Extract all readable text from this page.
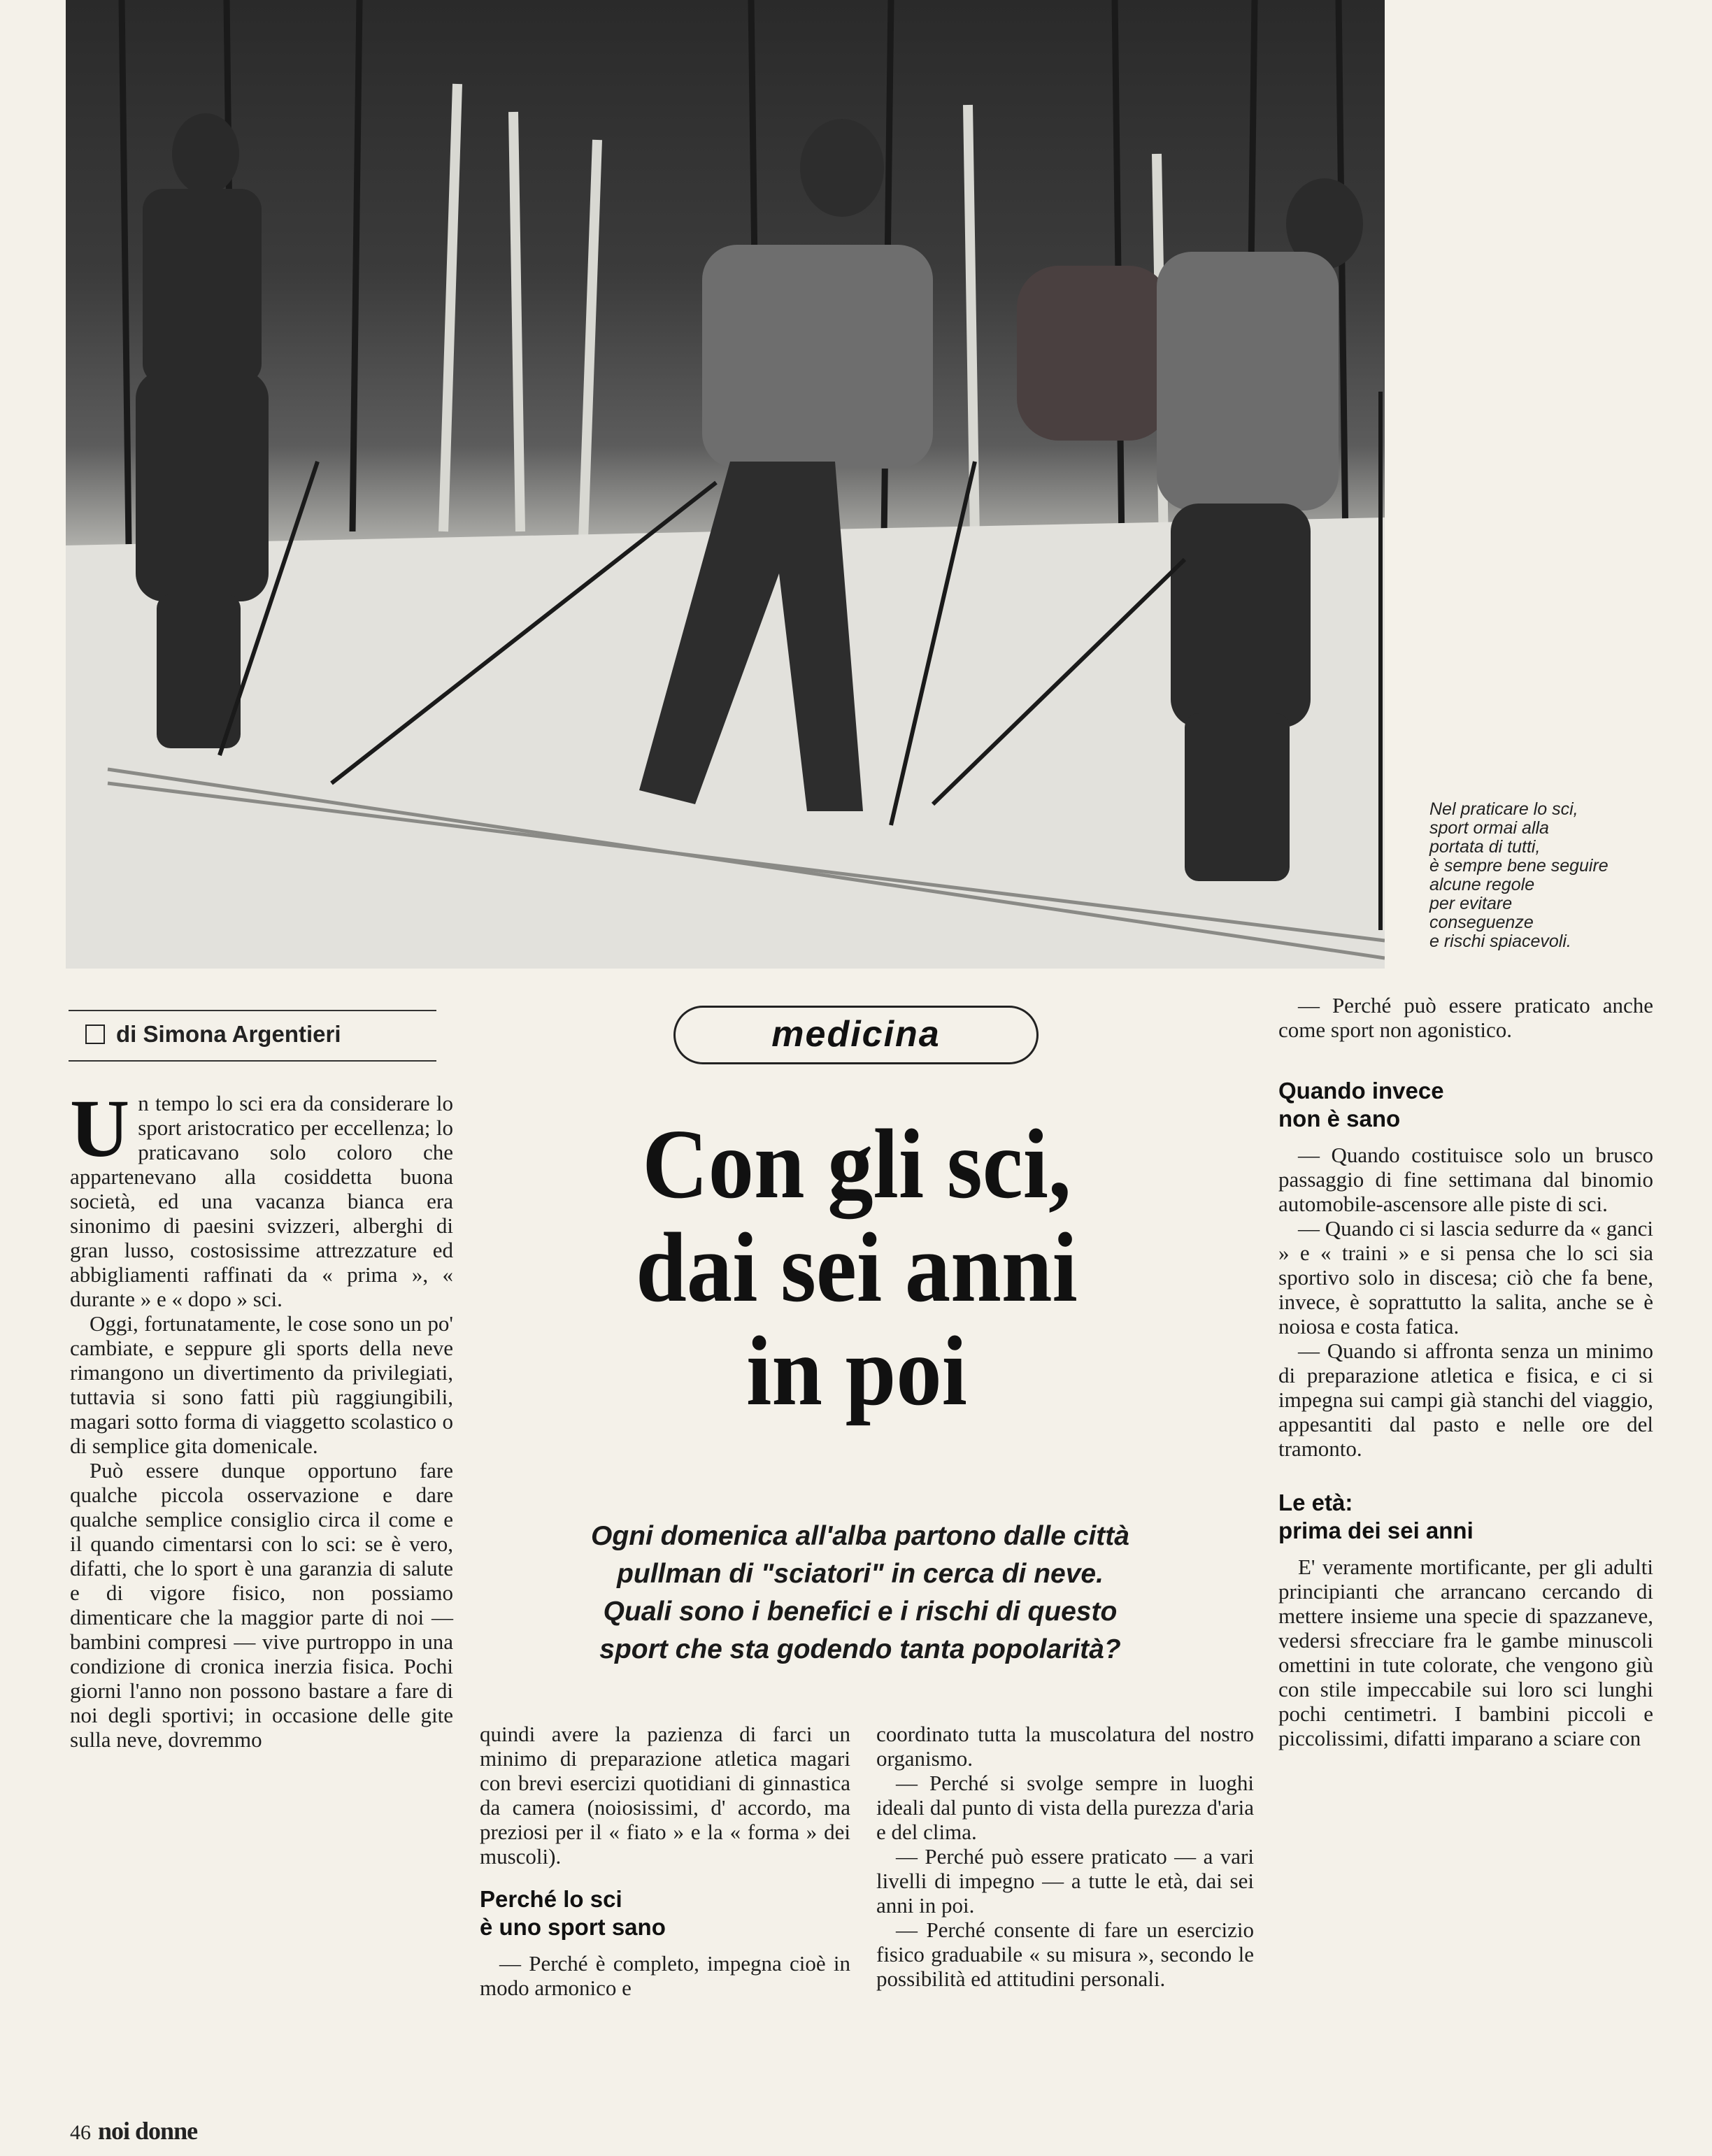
Nel praticare lo sci,
sport ormai alla
portata di tutti,
è sempre bene seguire
alcune regole
per evitare
conseguenze
e rischi spiacevoli.
di Simona Argentieri	medicina
Con gli sci,
dai sei anni
in poi
Ogni domenica all'alba partono dalle città
pullman di "sciatori" in cerca di neve.
Quali sono i benefici e i rischi di questo
sport che sta godendo tanta popolarità?

Un tempo lo sci era da considerare lo sport aristocratico per eccellenza; lo praticavano solo coloro che appartenevano alla cosiddetta buona società, ed una vacanza bianca era sinonimo di paesini svizzeri, alberghi di gran lusso, costosissime attrezzature ed abbigliamenti raffinati da « prima », « durante » e « dopo » sci.

Oggi, fortunatamente, le cose sono un po' cambiate, e seppure gli sports della neve rimangono un divertimento da privilegiati, tuttavia si sono fatti più raggiungibili, magari sotto forma di viaggetto scolastico o di semplice gita domenicale.

Può essere dunque opportuno fare qualche piccola osservazione e dare qualche semplice consiglio circa il come e il quando cimentarsi con lo sci: se è vero, difatti, che lo sport è una garanzia di salute e di vigore fisico, non possiamo dimenticare che la maggior parte di noi — bambini compresi — vive purtroppo in una condizione di cronica inerzia fisica. Pochi giorni l'anno non possono bastare a fare di noi degli sportivi; in occasione delle gite sulla neve, dovremmo	quindi avere la pazienza di farci un minimo di preparazione atletica magari con brevi esercizi quotidiani di ginnastica da camera (noiosissimi, d' accordo, ma preziosi per il « fiato » e la « forma » dei muscoli).

Perché lo sci
è uno sport sano

— Perché è completo, impegna cioè in modo armonico e

coordinato tutta la muscolatura del nostro organismo.

— Perché si svolge sempre in luoghi ideali dal punto di vista della purezza d'aria e del clima.

— Perché può essere praticato — a vari livelli di impegno — a tutte le età, dai sei anni in poi.

— Perché consente di fare un esercizio fisico graduabile « su misura », secondo le possibilità ed attitudini personali.

— Perché può essere praticato anche come sport non agonistico.

Quando invece
non è sano

— Quando costituisce solo un brusco passaggio di fine settimana dal binomio automobile-ascensore alle piste di sci.

— Quando ci si lascia sedurre da « ganci » e « traini » e si pensa che lo sci sia sportivo solo in discesa; ciò che fa bene, invece, è soprattutto la salita, anche se è noiosa e costa fatica.

— Quando si affronta senza un minimo di preparazione atletica e fisica, e ci si impegna sui campi già stanchi del viaggio, appesantiti dal pasto e nelle ore del tramonto.

Le età:
prima dei sei anni

E' veramente mortificante, per gli adulti principianti che arrancano cercando di mettere insieme una specie di spazzaneve, vedersi sfrecciare fra le gambe minuscoli omettini in tute colorate, che vengono giù con stile impeccabile sui loro sci lunghi pochi centimetri. I bambini piccoli e piccolissimi, difatti imparano a sciare con

46 noi donne
